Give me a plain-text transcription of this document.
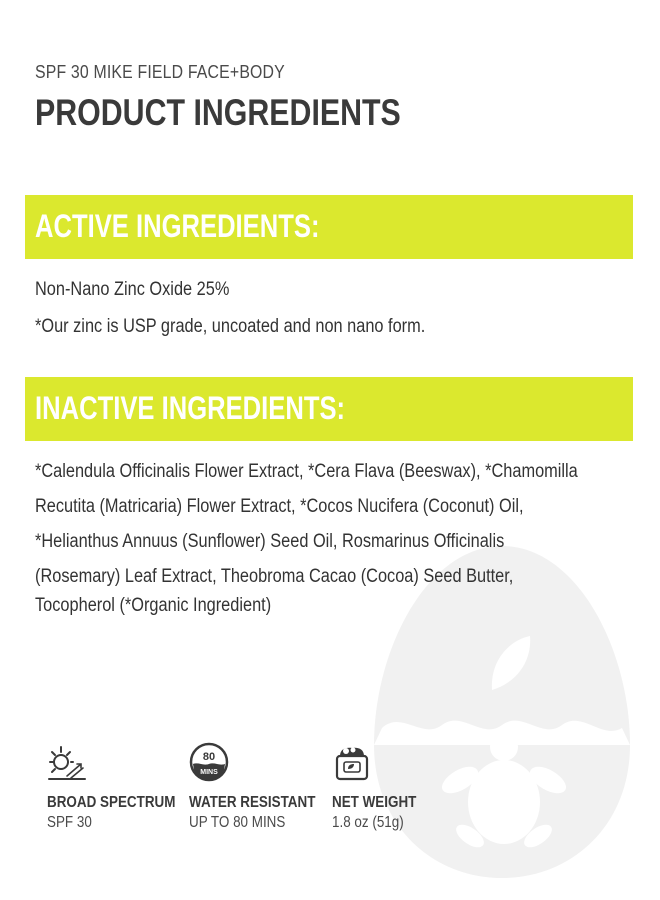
SPF 30 MIKE FIELD FACE+BODY
PRODUCT INGREDIENTS
ACTIVE INGREDIENTS:
Non-Nano Zinc Oxide 25%
*Our zinc is USP grade, uncoated and non nano form.
INACTIVE INGREDIENTS:
*Calendula Officinalis Flower Extract, *Cera Flava (Beeswax), *Chamomilla
Recutita (Matricaria) Flower Extract, *Cocos Nucifera (Coconut) Oil,
*Helianthus Annuus (Sunflower) Seed Oil, Rosmarinus Officinalis
(Rosemary) Leaf Extract, Theobroma Cacao (Cocoa) Seed Butter,
Tocopherol (*Organic Ingredient)
BROAD SPECTRUM
SPF 30
80
MINS
WATER RESISTANT
UP TO 80 MINS
NET WEIGHT
1.8 oz (51g)
